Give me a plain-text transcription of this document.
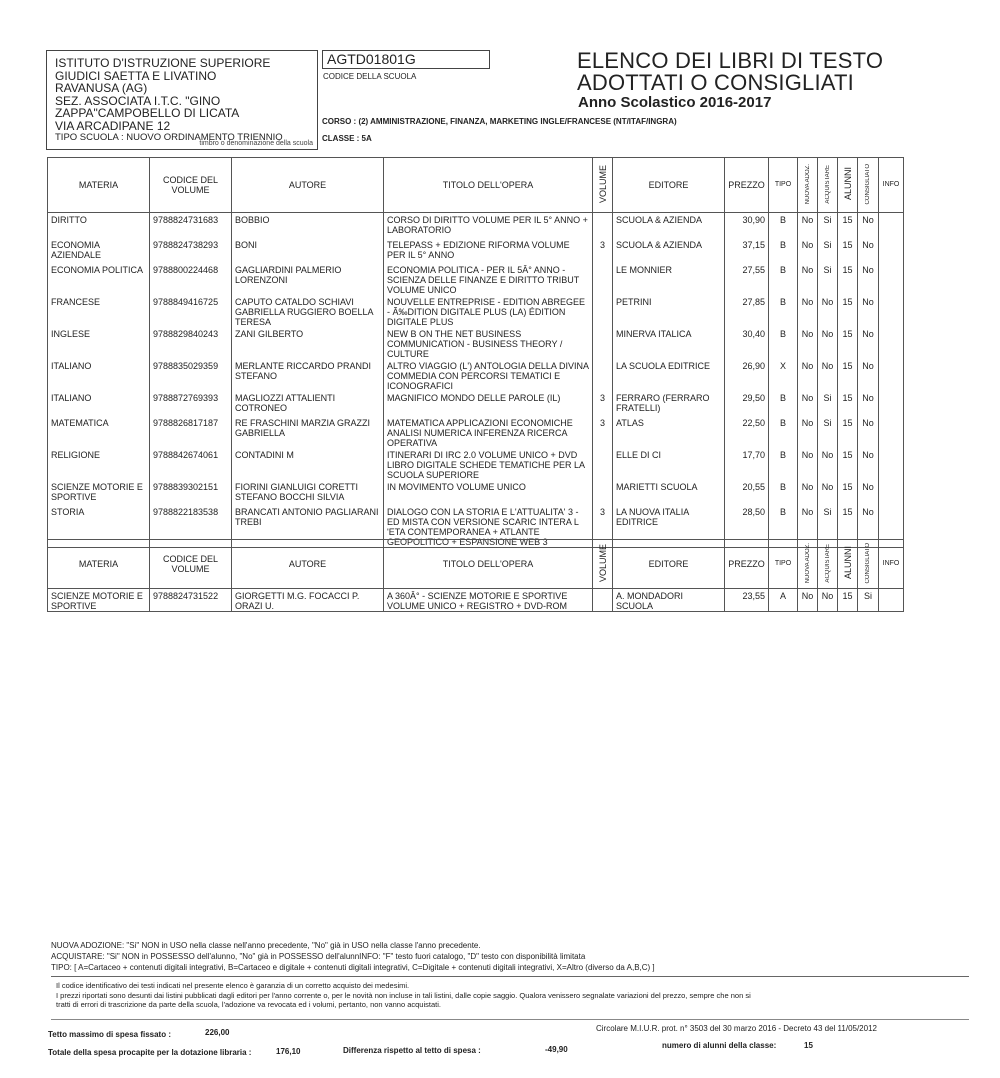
ISTITUTO D'ISTRUZIONE SUPERIORE
GIUDICI SAETTA E LIVATINO
RAVANUSA (AG)
SEZ. ASSOCIATA I.T.C. "GINO
ZAPPA"CAMPOBELLO DI LICATA
VIA ARCADIPANE 12
TIPO SCUOLA : NUOVO ORDINAMENTO TRIENNIO
timbro o denominazione della scuola
AGTD01801G
CODICE DELLA SCUOLA
ELENCO DEI LIBRI DI TESTO
ADOTTATI O CONSIGLIATI
Anno Scolastico 2016-2017
CORSO : (2) AMMINISTRAZIONE, FINANZA, MARKETING INGLE/FRANCESE (NT/ITAF/INGRA)
CLASSE : 5A
MATERIA	CODICE DEL VOLUME	AUTORE	TITOLO DELL'OPERA	VOLUME	EDITORE	PREZZO	TIPO	NUOVA ADOZ.	ACQUISTARE	ALUNNI	CONSIGLIATO	INFO
DIRITTO	9788824731683	BOBBIO	CORSO DI DIRITTO VOLUME PER IL 5° ANNO + LABORATORIO		SCUOLA & AZIENDA	30,90	B	No	Si	15	No	
ECONOMIA AZIENDALE	9788824738293	BONI	TELEPASS + EDIZIONE RIFORMA VOLUME PER IL 5° ANNO	3	SCUOLA & AZIENDA	37,15	B	No	Si	15	No	
ECONOMIA POLITICA	9788800224468	GAGLIARDINI PALMERIO LORENZONI	ECONOMIA POLITICA - PER IL 5Â° ANNO - SCIENZA DELLE FINANZE E DIRITTO TRIBUT VOLUME UNICO		LE MONNIER	27,55	B	No	Si	15	No	
FRANCESE	9788849416725	CAPUTO CATALDO SCHIAVI GABRIELLA RUGGIERO BOELLA TERESA	NOUVELLE ENTREPRISE - EDITION ABREGEE - Ã‰DITION DIGITALE PLUS (LA) ÉDITION DIGITALE PLUS		PETRINI	27,85	B	No	No	15	No	
INGLESE	9788829840243	ZANI GILBERTO	NEW B ON THE NET BUSINESS COMMUNICATION - BUSINESS THEORY / CULTURE		MINERVA ITALICA	30,40	B	No	No	15	No	
ITALIANO	9788835029359	MERLANTE RICCARDO PRANDI STEFANO	ALTRO VIAGGIO (L') ANTOLOGIA DELLA DIVINA COMMEDIA CON PERCORSI TEMATICI E ICONOGRAFICI		LA SCUOLA EDITRICE	26,90	X	No	No	15	No	
ITALIANO	9788872769393	MAGLIOZZI ATTALIENTI COTRONEO	MAGNIFICO MONDO DELLE PAROLE (IL)	3	FERRARO (FERRARO FRATELLI)	29,50	B	No	Si	15	No	
MATEMATICA	9788826817187	RE FRASCHINI MARZIA GRAZZI GABRIELLA	MATEMATICA APPLICAZIONI ECONOMICHE ANALISI NUMERICA INFERENZA RICERCA OPERATIVA	3	ATLAS	22,50	B	No	Si	15	No	
RELIGIONE	9788842674061	CONTADINI M	ITINERARI DI IRC 2.0 VOLUME UNICO + DVD LIBRO DIGITALE SCHEDE TEMATICHE PER LA SCUOLA SUPERIORE		ELLE DI CI	17,70	B	No	No	15	No	
SCIENZE MOTORIE E SPORTIVE	9788839302151	FIORINI GIANLUIGI CORETTI STEFANO BOCCHI SILVIA	IN MOVIMENTO VOLUME UNICO		MARIETTI SCUOLA	20,55	B	No	No	15	No	
STORIA	9788822183538	BRANCATI ANTONIO PAGLIARANI TREBI	DIALOGO CON LA STORIA E L'ATTUALITA' 3 - ED MISTA CON VERSIONE SCARIC INTERA L 'ETA CONTEMPORANEA + ATLANTE GEOPOLITICO + ESPANSIONE WEB 3	3	LA NUOVA ITALIA EDITRICE	28,50	B	No	Si	15	No	
MATERIA	CODICE DEL VOLUME	AUTORE	TITOLO DELL'OPERA	VOLUME	EDITORE	PREZZO	TIPO	NUOVA ADOZ.	ACQUISTARE	ALUNNI	CONSIGLIATO	INFO
SCIENZE MOTORIE E SPORTIVE	9788824731522	GIORGETTI M.G. FOCACCI P. ORAZI U.	A 360Â° - SCIENZE MOTORIE E SPORTIVE VOLUME UNICO + REGISTRO + DVD-ROM		A. MONDADORI SCUOLA	23,55	A	No	No	15	Si	
NUOVA ADOZIONE: "Si" NON in USO nella classe nell'anno precedente, "No" già in USO nella classe l'anno precedente.
ACQUISTARE: "Si" NON in POSSESSO dell'alunno, "No" già in POSSESSO dell'alunnINFO: "F" testo fuori catalogo, "D" testo con disponibilità limitata
TIPO: [ A=Cartaceo + contenuti digitali integrativi, B=Cartaceo e digitale + contenuti digitali integrativi, C=Digitale + contenuti digitali integrativi, X=Altro (diverso da A,B,C) ]
Il codice identificativo dei testi indicati nel presente elenco è garanzia di un corretto acquisto dei medesimi.
I prezzi riportati sono desunti dai listini pubblicati dagli editori per l'anno corrente o, per le novità non incluse in tali listini, dalle copie saggio. Qualora venissero segnalate variazioni del prezzo, sempre che non si
tratti di errori di trascrizione da parte della scuola, l'adozione va revocata ed i volumi, pertanto, non vanno acquistati.
Tetto massimo di spesa fissato :	226,00
Totale della spesa procapite per la dotazione libraria :	176,10	Differenza rispetto al tetto di spesa :	-49,90
Circolare M.I.U.R. prot. n° 3503 del 30 marzo 2016 - Decreto 43 del 11/05/2012
numero di alunni della classe:	15
